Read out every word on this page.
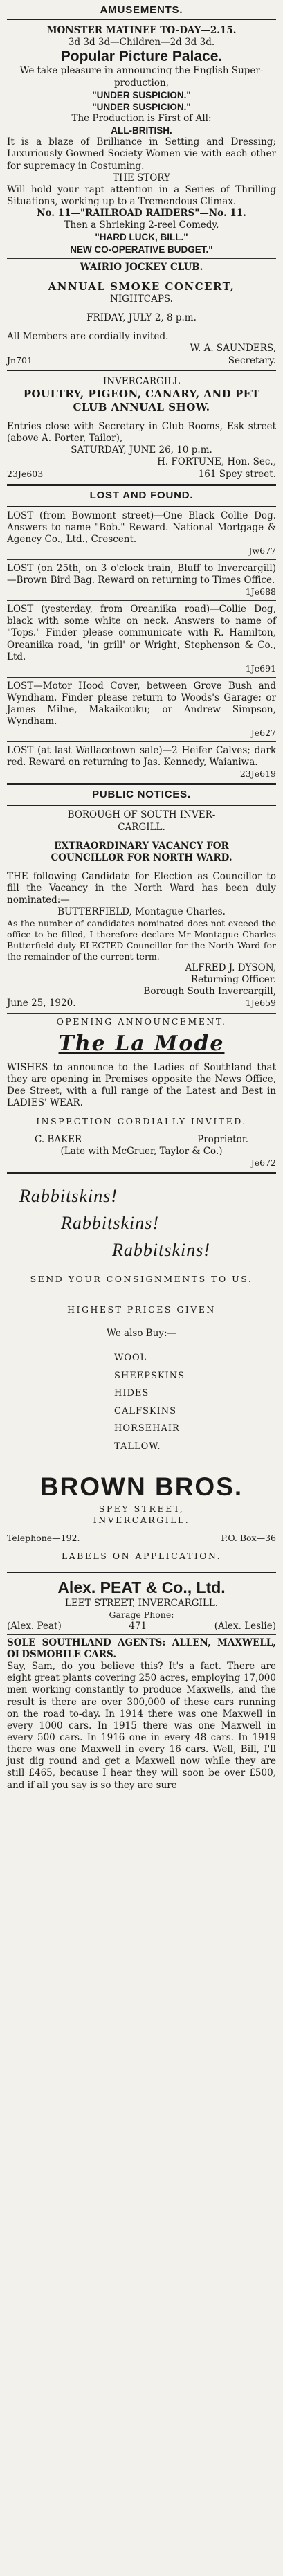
AMUSEMENTS.
MONSTER MATINEE TO-DAY—2.15.
3d 3d 3d—Children—2d 3d 3d.
Popular Picture Palace.
We take pleasure in announcing the English Super-production,
"UNDER SUSPICION."
"UNDER SUSPICION."
The Production is First of All:
ALL-BRITISH.

It is a blaze of Brilliance in Setting and Dressing; Luxuriously Gowned Society Women vie with each other for supremacy in Costuming.

THE STORY

Will hold your rapt attention in a Series of Thrilling Situations, working up to a Tremendous Climax.

No. 11—"RAILROAD RAIDERS"—No. 11.
Then a Shrieking 2-reel Comedy,
"HARD LUCK, BILL."
NEW CO-OPERATIVE BUDGET."
WAIRIO JOCKEY CLUB.
ANNUAL SMOKE CONCERT,
NIGHTCAPS.
FRIDAY, JULY 2, 8 p.m.
All Members are cordially invited.
W. A. SAUNDERS,
Jn701	Secretary.
INVERCARGILL
POULTRY, PIGEON, CANARY, AND PET CLUB ANNUAL SHOW.

Entries close with Secretary in Club Rooms, Esk street (above A. Porter, Tailor),

SATURDAY, JUNE 26, 10 p.m.
H. FORTUNE, Hon. Sec.,
23Je603	161 Spey street.
LOST AND FOUND.

LOST (from Bowmont street)—One Black Collie Dog. Answers to name "Bob." Reward. National Mortgage & Agency Co., Ltd., Crescent.

Jw677

LOST (on 25th, on 3 o'clock train, Bluff to Invercargill)—Brown Bird Bag. Reward on returning to Times Office.

1Je688

LOST (yesterday, from Oreaniika road)—Collie Dog, black with some white on neck. Answers to name of "Tops." Finder please communicate with R. Hamilton, Oreaniika road, 'in grill' or Wright, Stephenson & Co., Ltd.

1Je691

LOST—Motor Hood Cover, between Grove Bush and Wyndham. Finder please return to Woods's Garage; or James Milne, Makaikouku; or Andrew Simpson, Wyndham.

Je627

LOST (at last Wallacetown sale)—2 Heifer Calves; dark red. Reward on returning to Jas. Kennedy, Waianiwa.

23Je619
PUBLIC NOTICES.
BOROUGH OF SOUTH INVER-
CARGILL.
EXTRAORDINARY VACANCY FOR
COUNCILLOR FOR NORTH WARD.

THE following Candidate for Election as Councillor to fill the Vacancy in the North Ward has been duly nominated:—

BUTTERFIELD, Montague Charles.

As the number of candidates nominated does not exceed the office to be filled, I therefore declare Mr Montague Charles Butterfield duly ELECTED Councillor for the North Ward for the remainder of the current term.

ALFRED J. DYSON,
Returning Officer.
Borough South Invercargill,
June 25, 1920.	1Je659
OPENING ANNOUNCEMENT.
The La Mode

WISHES to announce to the Ladies of Southland that they are opening in Premises opposite the News Office, Dee Street, with a full range of the Latest and Best in LADIES' WEAR.

INSPECTION CORDIALLY INVITED.
C. BAKER	Proprietor.
(Late with McGruer, Taylor & Co.)
Je672
Rabbitskins!
Rabbitskins!
Rabbitskins!
SEND YOUR CONSIGNMENTS TO US.
HIGHEST PRICES GIVEN
We also Buy:—
WOOL
SHEEPSKINS
HIDES
CALFSKINS
HORSEHAIR
TALLOW.
BROWN BROS.
SPEY STREET,
INVERCARGILL.
Telephone—192.	P.O. Box—36
LABELS ON APPLICATION.
Alex. PEAT & Co., Ltd.
LEET STREET, INVERCARGILL.
Garage Phone:
(Alex. Peat)	471	(Alex. Leslie)

SOLE SOUTHLAND AGENTS: ALLEN, MAXWELL, OLDSMOBILE CARS.

Say, Sam, do you believe this? It's a fact. There are eight great plants covering 250 acres, employing 17,000 men working constantly to produce Maxwells, and the result is there are over 300,000 of these cars running on the road to-day. In 1914 there was one Maxwell in every 1000 cars. In 1915 there was one Maxwell in every 500 cars. In 1916 one in every 48 cars. In 1919 there was one Maxwell in every 16 cars. Well, Bill, I'll just dig round and get a Maxwell now while they are still £465, because I hear they will soon be over £500, and if all you say is so they are sure
